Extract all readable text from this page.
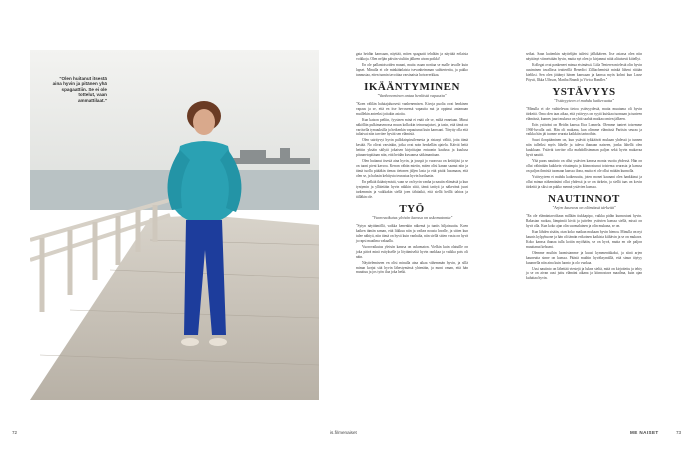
"Olen huitanut itsestä aina hyvin ja pitänen yhä spagaattiin. Se ei ole tottelut, vaan ammattilaat."

gata heidän kanssaan, näyttää, miten spagaatti tehdään ja näyttää erilaisia voikkoja. Olen neljän päivän viulitin jälkeen aivan poikki!

En ole pallantoisoiden muuni, mutta osaan nortiaa se malle tavalle kuin lapset. Minulla ei ole minkäänlaista tsevanheimman suihterterita, ja pakko tunnustaa, etten tunnin tavoittaa varsinaista hoivaverkkaa.

IKÄÄNTYMINEN
"Vanheneminen antaa henkistä vapautta"

"Koen välilän haluiajaluosesti vanhenemisen. Kivoja puolia ovat henkinen vapaus ja se, että en itse hevosensä vapautta nut ja oppinut antamaan muillekin anteeksi joitakin asioita.

Kun katson peiliin, fyysinen minä ei enää ole se, miltä ennetaan. Minut näköllän pulkimasenossa muun kolkokin tetnoraajaiset, ja tasin, että tämä on vartisella tymuuksilla ja hetkenkin vapautunut kuin kanssani. Tärytty olla että tuliaivat niin tarvitee hyvää sen elämistä.

Olen sairityvyt hyvin pallolaispiruilemesta ja ristaayi välitä, jotta tämä kestää. No olivat varsinkin, jotka ovat noin henkellän ajatelu. Käivät heitä heittin yksäin säilytä jokaisen kirjoittajan entuonin kaulusa ja kuulusa pituunetopitäaan niin, että heidän kuvaansa säikimanitaan.

Olen huitanut itsestä aina hyvin, ja jouspä jo vuorossa on keittijäsi ja se on tuoni pieni kasvoa. Kerran vähän mietin, miten olisi kanan saanut niin ja tämä tuolla pitääkin tienaa tietonen jäljen lasta ja että pisiät lusamaan, että olen se, ja halusin kehitysta teurastaa hyvin harilaasin.

En pelkää ikääntymistä, vaan se on hyvin vanha ja nautin elämästä ja kun tyntymin ja yllätetään hyvin näkkin siitä, tämä tarttyä ja näkevänä juuri tarkemmin ja vaikkakin siellä joen tähtiaikä, että siellä heillä tahtoa ja tälläkin ole.

TYÖ
"Vuorovaikutus yleisön kanssa on uskomatonta"

"Sytyn näyttämöllä, vaikka kenenkin näkemä ja tuntis hiljaisuutta. Koen kaiken tämän saman, että liikkuu niin ja vaikea nousta lavalle, ja sitten kun tulee nähtyä, niin tämä on hyvä kuin vanhalta, niin siellä sitten vasta on hyvä ja rapsi maailma vakaalla.

Vuorovaikutus yleisön kanssa on uskomaton. Vielkin kuin olatuille on joka päivä minä esitykselle ja löytämiseltä hyvin rankkaa ja vaikka pois oli näin.

Näyttelemiseen en olisi minulla aina aikaa vähemmän hyvin, ja sillä minun korjat sitä hyvin lähestymässä yhtenään, ja moni oman, että hän muuttuu ja jos työn iloa joka hetki.

seikat. Saan kuitenkin näyttelijän tailetsi jälkikäteen. Itse asiassa olen niin näyttänyt viimeistään hyvin, mutta nyt olen jo kirjannut niitä alituisesti kiitellyt.

Kollegat ovat pankeneet minua etsimässä. Liila Tenteren mielestä olin hyvin uusiminen tavallissa teatterillä Benedict Zilliachemistä minkä läheni riitään kieliksi. Sen olen jättänyt hänen kanssaan ja kanssa myös kolmi kun Lasse Pöysti, Ilkka Ulfsson, Mariha Brandt ja Vivica Bandler."

YSTÄVYYS
"Ystävyyteen ei mahdu katkeruutta"

"Minulla ei ole vaihtelevaa tietoa ystävyydestä, mutta muutama oli hyvin tärkeitä. Oma olen taas aikaa, että ystävyys on syytä kuiskaa tuomaan ja tunteen elämässä, kunnes juuri mukava on yhtä saahtä matkaa omien jälkeen.

Eräs ystäväni on Heidin kanssa Eira Lonnela. Olemme tunteet toisemme 1960-luvulla asti. Hän oli mukana, kun olimme elämässä Pariisin seuraa ja vaikka hän jäi tuonne seurata kaikkiin tarinoihin.

Suuri ilonpitäminen on, kun ystävät tykkäävät mukaan yhdessä ja tunnen niin tulleiksi myös lähelle ja tuleva ihanaan naiseen, jonka lähellä olen kuukkaan. Ystävät tarvitse olla mahdollisimman paljon sekä hyvin mukavaa hyvä nauttii.

Yhä paras nautinto on ollut ystävien kanssa monta vuotta yhdessä. Hän on ollut vähintään kaikkein viisaimpia ja kiinnostunut toistensa seurasta ja kanssa on paljon ihmisiä tuomaan kanssa ilona, mutta ei ole ollut mitään kunnolla.

Ystävyyteen ei mahdu katkeruutta, joten monet kaunani olen hankkinut ja ollut minun näkemänäni ollut yhdessä ja se on tärkein, ja siellä taas on kovin tärkeitä ja siksi on pakko mennä ystävien kanssa.

NAUTINNOT
"Arjen kauneus on elämässä tärkeää"

"En ole elämäntavoiltaan millään tiukkapipo, vaikka pidän kunnostani hyvin. Rakastan ruokaa, lämpimiä kiviä ja juttelen ystävien kanssa siellä, missä on hyvä olla. Kun koko ajan olin suomalainen ja olin mukana, se on.

Kun lähden sisään, otan koko matkan mukaan hyvin hienoa. Minulla on nyt kaunis kylpyhuone ja hän oli tämän erikoinen kaikista kiiltävin ja se on mukava. Koko kanssa ihanaa tulla kotiin myöhään, se on hyvä, mutta en ole paljon muuttanut kehoani.

Olemme muihin luomistamme ja kuusi kymmentäkaksi, ja siinä arjen kauneutta sinne on kanssa. Päästä muihin hyväksymällä, että sinun täytyy kuunnella niin aina kuin luonto ja olo vuokaa.

Uusi nautinto on lähettää viestejä ja lukea sieltä, mitä on kirjoitettu ja tehty ja se on aivan uusi juttu elämäni aikana ja kiinnostava maailma, kuin ajan kuluttaa hyvin.

72	is.fi/menaiset	ME NAISET	73
